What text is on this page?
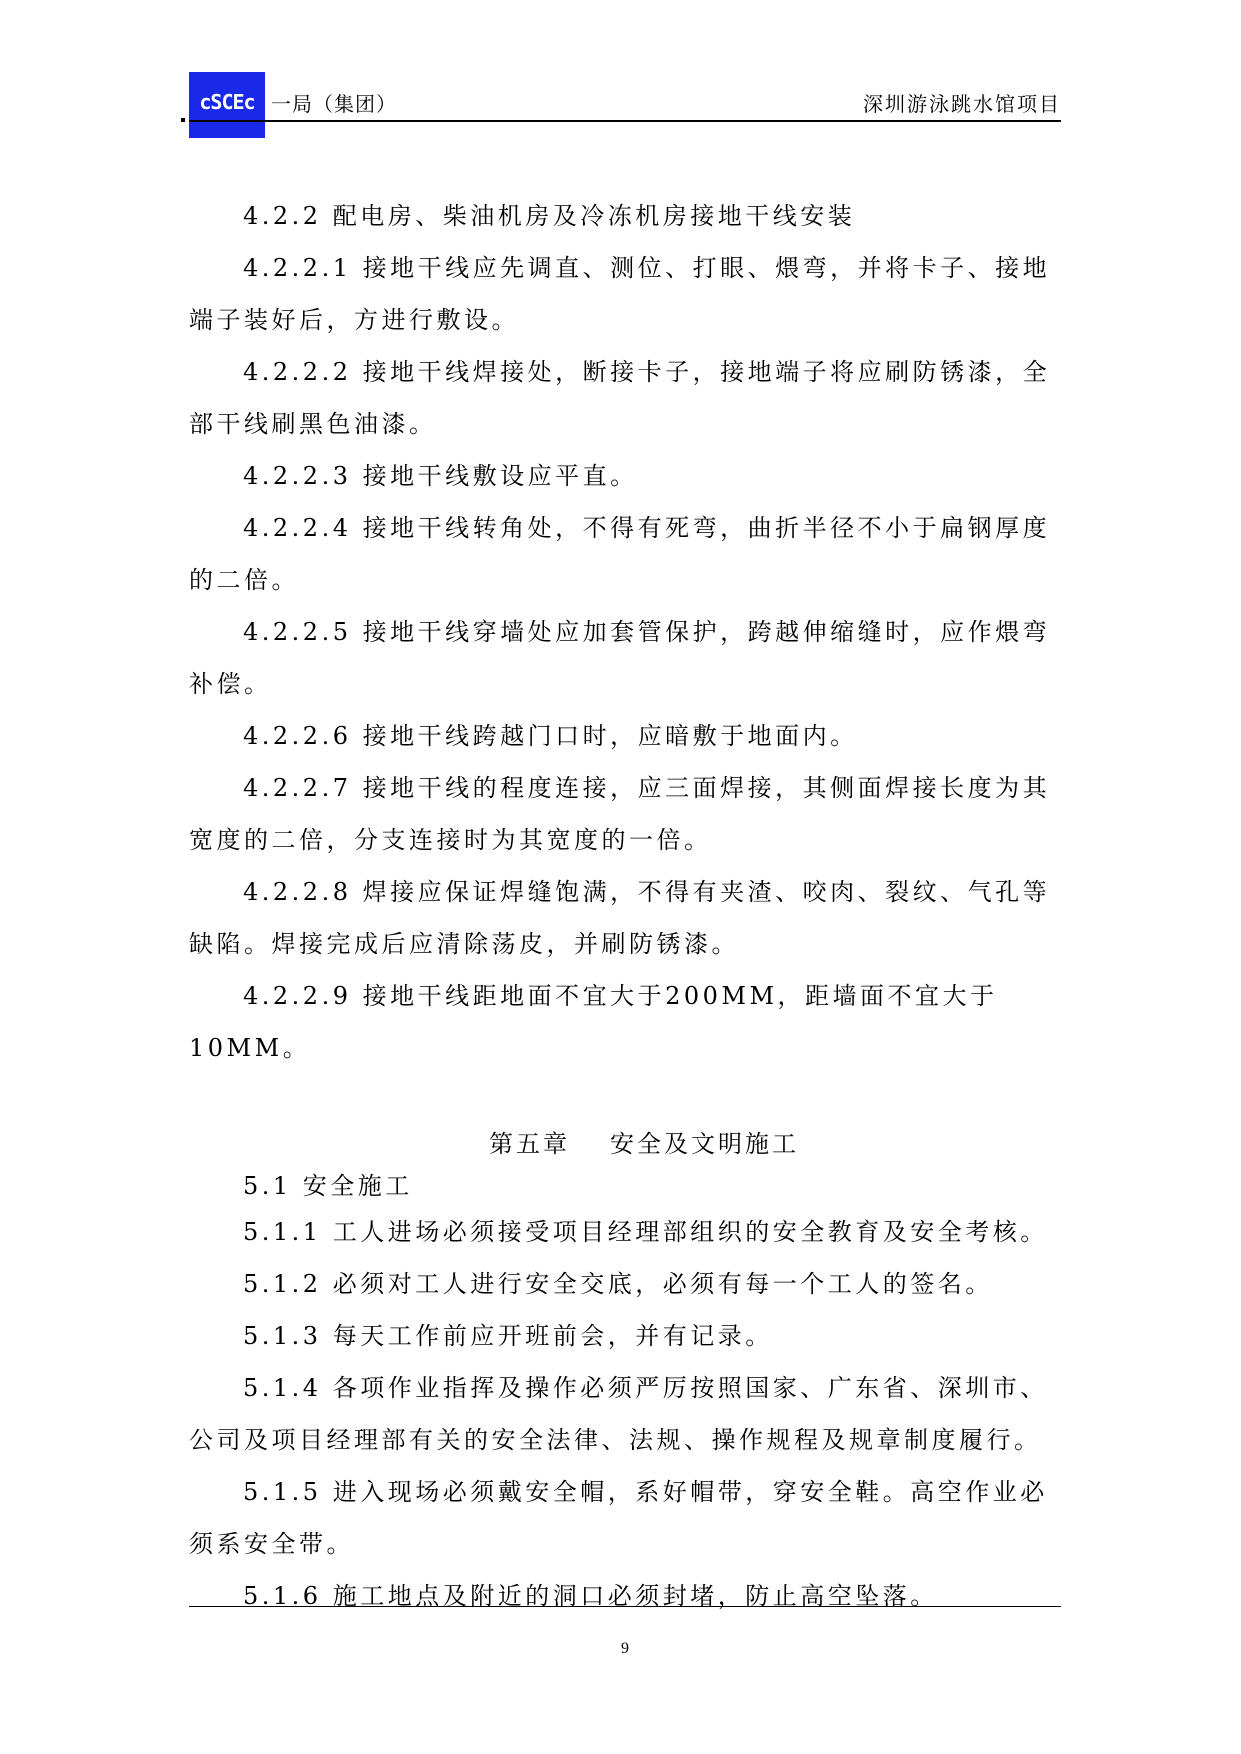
cSCEc 一局（集团）	深圳游泳跳水馆项目

4.2.2 配电房、柴油机房及冷冻机房接地干线安装

4.2.2.1 接地干线应先调直、测位、打眼、煨弯，并将卡子、接地端子装好后，方进行敷设。

4.2.2.2 接地干线焊接处，断接卡子，接地端子将应刷防锈漆，全部干线刷黑色油漆。

4.2.2.3 接地干线敷设应平直。

4.2.2.4 接地干线转角处，不得有死弯，曲折半径不小于扁钢厚度的二倍。

4.2.2.5 接地干线穿墙处应加套管保护，跨越伸缩缝时，应作煨弯补偿。

4.2.2.6 接地干线跨越门口时，应暗敷于地面内。

4.2.2.7 接地干线的程度连接，应三面焊接，其侧面焊接长度为其宽度的二倍，分支连接时为其宽度的一倍。

4.2.2.8 焊接应保证焊缝饱满，不得有夹渣、咬肉、裂纹、气孔等缺陷。焊接完成后应清除荡皮，并刷防锈漆。

4.2.2.9 接地干线距地面不宜大于200MM，距墙面不宜大于10MM。

第五章 安全及文明施工

5.1 安全施工

5.1.1 工人进场必须接受项目经理部组织的安全教育及安全考核。

5.1.2 必须对工人进行安全交底，必须有每一个工人的签名。

5.1.3 每天工作前应开班前会，并有记录。

5.1.4 各项作业指挥及操作必须严厉按照国家、广东省、深圳市、公司及项目经理部有关的安全法律、法规、操作规程及规章制度履行。

5.1.5 进入现场必须戴安全帽，系好帽带，穿安全鞋。高空作业必须系安全带。

5.1.6 施工地点及附近的洞口必须封堵，防止高空坠落。

9
